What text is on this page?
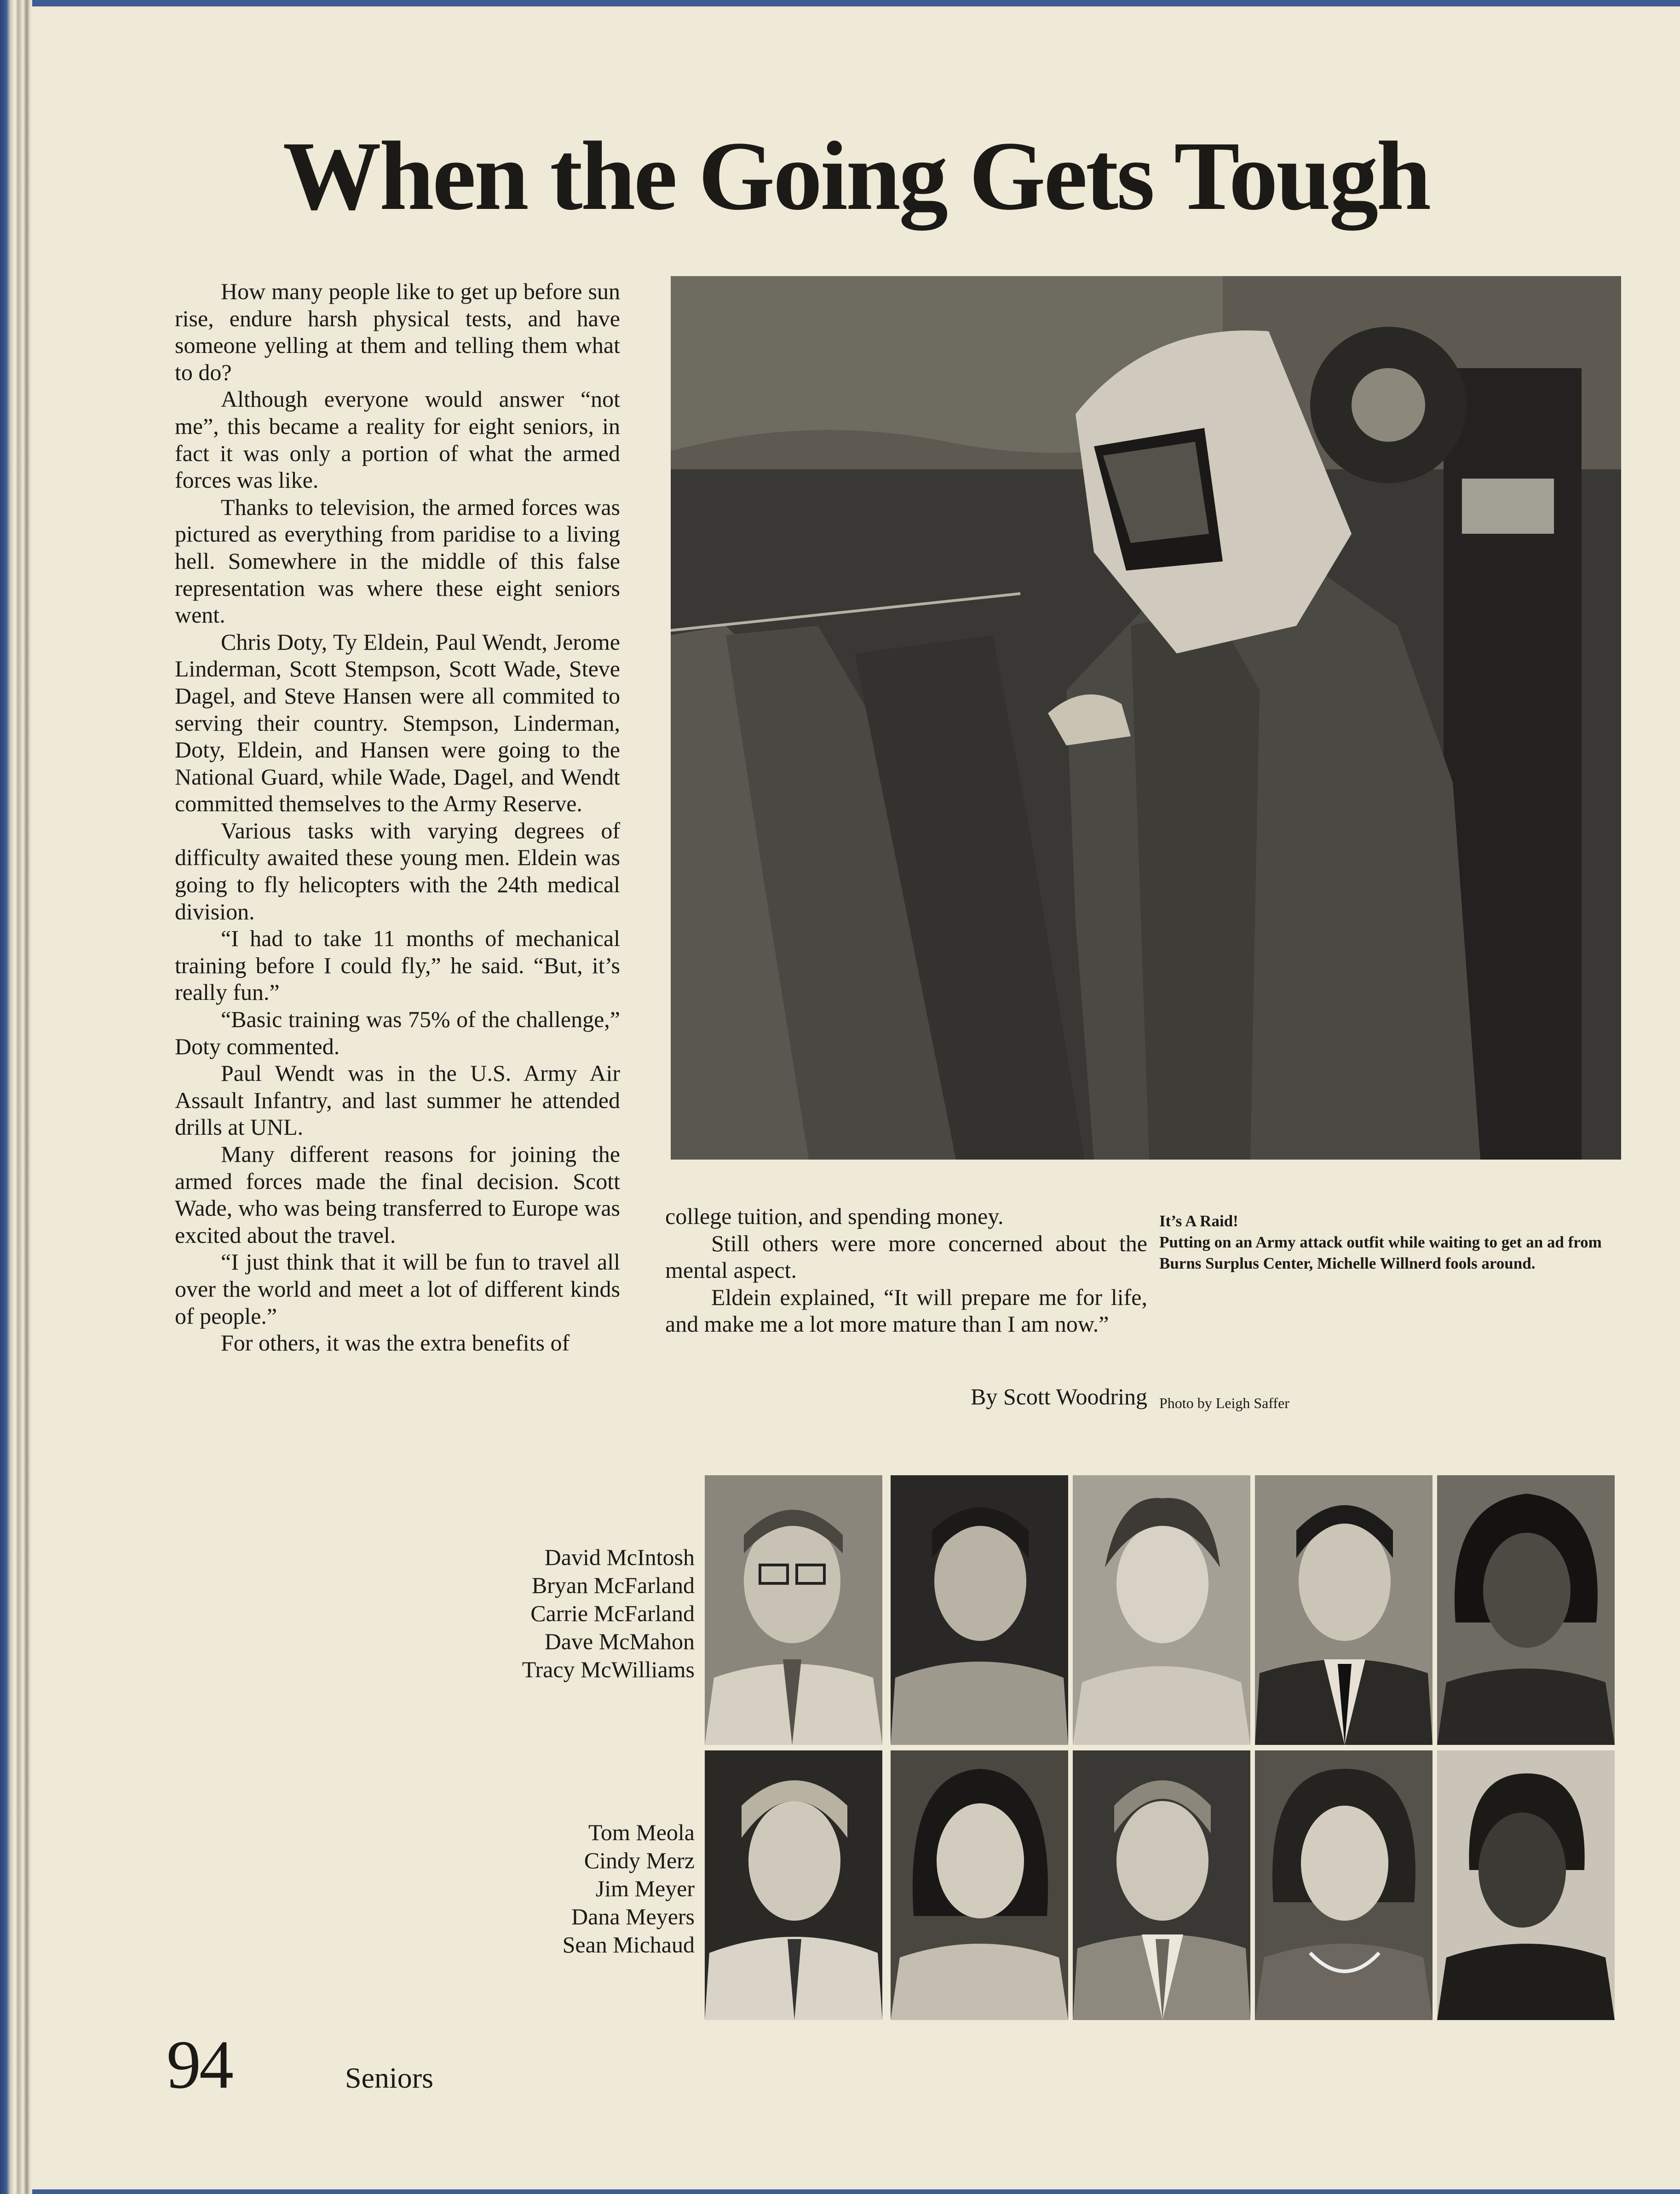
When the Going Gets Tough

How many people like to get up before sun rise, endure harsh physical tests, and have someone yelling at them and telling them what to do?

Although everyone would answer “not me”, this became a reality for eight seniors, in fact it was only a portion of what the armed forces was like.

Thanks to television, the armed forces was pictured as everything from paridise to a living hell. Somewhere in the middle of this false representation was where these eight seniors went.

Chris Doty, Ty Eldein, Paul Wendt, Jerome Linderman, Scott Stempson, Scott Wade, Steve Dagel, and Steve Hansen were all commited to serving their country. Stempson, Linderman, Doty, Eldein, and Hansen were going to the National Guard, while Wade, Dagel, and Wendt committed themselves to the Army Reserve.

Various tasks with varying degrees of difficulty awaited these young men. Eldein was going to fly helicopters with the 24th medical division.

“I had to take 11 months of mechanical training before I could fly,” he said. “But, it’s really fun.”

“Basic training was 75% of the challenge,” Doty commented.

Paul Wendt was in the U.S. Army Air Assault Infantry, and last summer he attended drills at UNL.

Many different reasons for joining the armed forces made the final decision. Scott Wade, who was being transferred to Europe was excited about the travel.

“I just think that it will be fun to travel all over the world and meet a lot of different kinds of people.”

For others, it was the extra benefits of

college tuition, and spending money.

Still others were more concerned about the mental aspect.

Eldein explained, “It will prepare me for life, and make me a lot more mature than I am now.”

By Scott Woodring
It’s A Raid!
Putting on an Army attack outfit while waiting to get an ad from Burns Surplus Center, Michelle Willnerd fools around.
Photo by Leigh Saffer
David McIntosh
Bryan McFarland
Carrie McFarland
Dave McMahon
Tracy McWilliams
Tom Meola
Cindy Merz
Jim Meyer
Dana Meyers
Sean Michaud
94	Seniors
